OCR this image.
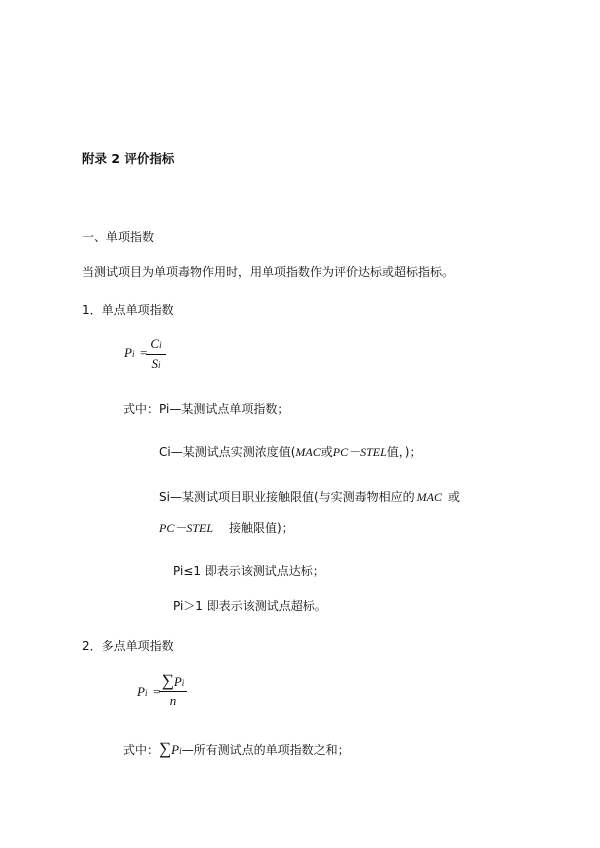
附录 2 评价指标
一、单项指数
当测试项目为单项毒物作用时，用单项指数作为评价达标或超标指标。
1．单点单项指数
Pi =
Ci
Si
式中：Pi—某测试点单项指数；
Ci—某测试点实测浓度值(MAC或PC－STEL值，)；
Si—某测试项目职业接触限值(与实测毒物相应的 MAC 或
PC－STEL 接触限值)；
Pi≤1 即表示该测试点达标；
Pi＞1 即表示该测试点超标。
2．多点单项指数
Pi =
∑Pi
n
式中：∑Pi—所有测试点的单项指数之和；
